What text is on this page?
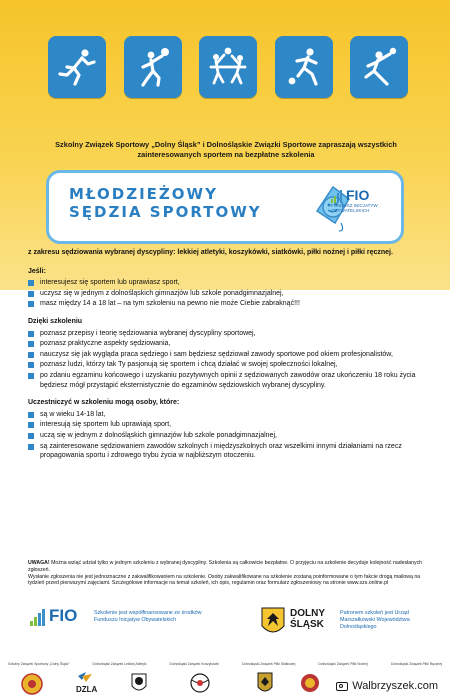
Szkolny Związek Sportowy „Dolny Śląsk” i Dolnośląskie Związki Sportowe zapraszają wszystkich
zainteresowanych sportem na bezpłatne szkolenia
MŁODZIEŻOWY
SĘDZIA SPORTOWY
FIO
FUNDUSZ INICJATYW OBYWATELSKICH
z zakresu sędziowania wybranej dyscypliny: lekkiej atletyki, koszykówki, siatkówki, piłki nożnej i piłki ręcznej.
Jeśli:
interesujesz się sportem lub uprawiasz sport,
uczysz się w jednym z dolnośląskich gimnazjów lub szkole ponadgimnazjalnej,
masz między 14 a 18 lat – na tym szkoleniu na pewno nie może Ciebie zabraknąć!!!
Dzięki szkoleniu
poznasz przepisy i teorię sędziowania wybranej dyscypliny sportowej,
poznasz praktyczne aspekty sędziowania,
nauczysz się jak wygląda praca sędziego i sam będziesz sędziował zawody sportowe pod okiem profesjonalistów,
poznasz ludzi, którzy tak Ty pasjonują się sportem i chcą działać w swojej społeczności lokalnej,
po zdaniu egzaminu końcowego i uzyskaniu pozytywnych opinii z sędziowanych zawodów oraz ukończeniu 18 roku życia będziesz mógł przystąpić eksternistycznie do egzaminów sędziowskich wybranej dyscypliny.
Uczestniczyć w szkoleniu mogą osoby, które:
są w wieku 14-18 lat,
interesują się sportem lub uprawiają sport,
uczą się w jednym z dolnośląskich gimnazjów lub szkole ponadgimnazjalnej,
są zainteresowane sędziowaniem zawodów szkolnych i międzyszkolnych oraz wszelkimi innymi działaniami na rzecz propagowania sportu i zdrowego trybu życia w najbliższym otoczeniu.
UWAGA! Można wziąć udział tylko w jednym szkoleniu z wybranej dyscypliny. Szkolenia są całkowicie bezpłatne. O przyjęciu na szkolenie decyduje kolejność nadesłanych zgłoszeń.
Wysłanie zgłoszenia nie jest jednoznaczne z zakwalifikowaniem na szkolenie. Osoby zakwalifikowane na szkolenie zostaną poinformowane o tym fakcie drogą mailową na tydzień przed pierwszymi zajęciami. Szczegółowe informacje na temat szkoleń, ich opis, regulamin oraz formularz zgłoszeniowy na stronie www.szs.online.pl
FIO	Szkolenie jest współfinansowane ze środków Funduszu Inicjatyw Obywatelskich
DOLNY
ŚLĄSK
Patronem szkoleń jest Urząd Marszałkowski Województwa Dolnośląskiego
Szkolny Związek Sportowy „Dolny Śląsk”	Dolnośląski Związek Lekkiej Atletyki	Dolnośląski Związek Koszykówki	Dolnośląski Związek Piłki Siatkowej	Dolnośląski Związek Piłki Nożnej	Dolnośląski Związek Piłki Ręcznej
DZLA	Walbrzyszek.com
